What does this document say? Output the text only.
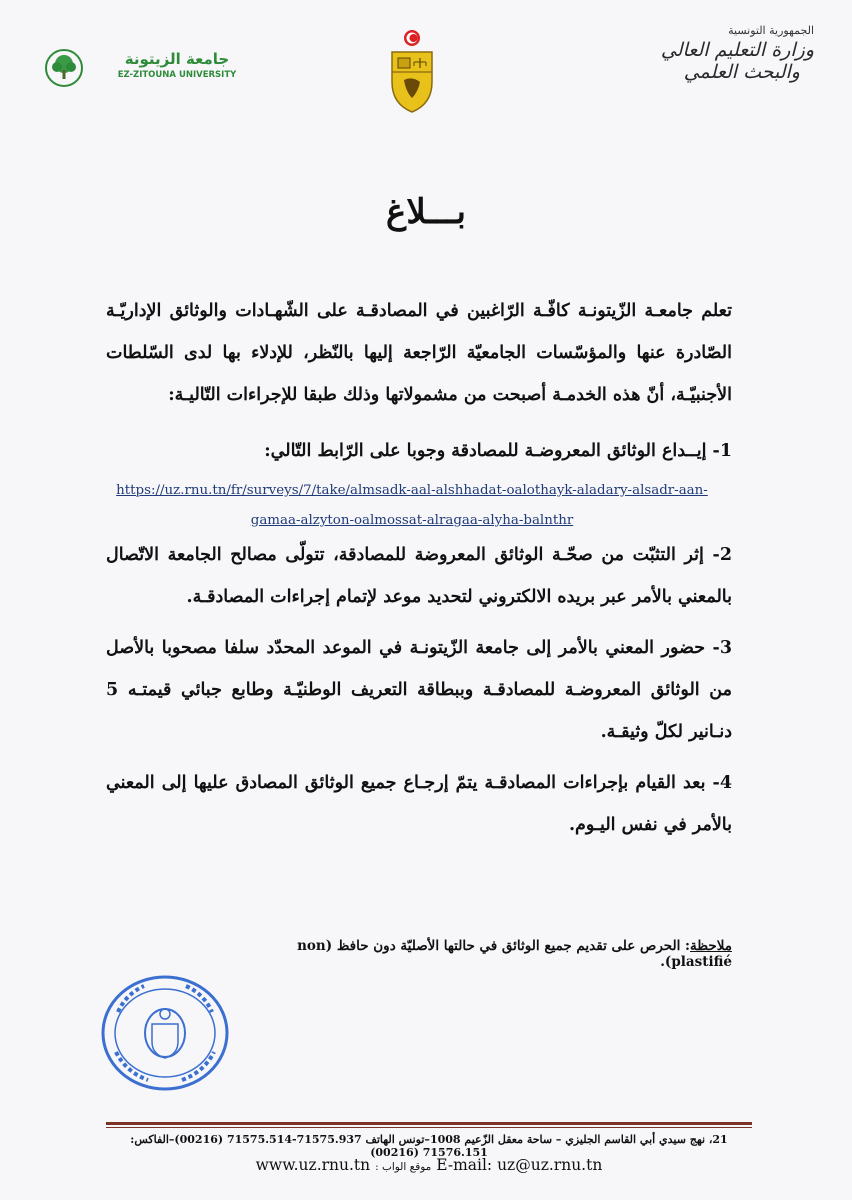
جامعة الزيتونة
EZ-ZITOUNA UNIVERSITY
الجمهورية التونسية
وزارة التعليم العالي
والبحث العلمي
بـــلاغ
تعلم جامعـة الزّيتونـة كافّـة الرّاغبين في المصادقـة على الشّهـادات والوثائق الإداريّـة الصّادرة عنها والمؤسّسات الجامعيّة الرّاجعة إليها بالنّظر، للإدلاء بها لدى السّلطات الأجنبيّـة، أنّ هذه الخدمـة أصبحت من مشمولاتها وذلك طبقا للإجراءات التّاليـة:
1- إيــداع الوثائق المعروضـة للمصادقة وجوبا على الرّابط التّالي:
https://uz.rnu.tn/fr/surveys/7/take/almsadk-aal-alshhadat-oalothayk-aladary-alsadr-aan-
gamaa-alzyton-oalmossat-alragaa-alyha-balnthr
2- إثر التثبّت من صحّـة الوثائق المعروضة للمصادقة، تتولّى مصالح الجامعة الاتّصال بالمعني بالأمر عبر بريده الالكتروني لتحديد موعد لإتمام إجراءات المصادقـة.
3- حضور المعني بالأمر إلى جامعة الزّيتونـة في الموعد المحدّد سلفا مصحوبا بالأصل من الوثائق المعروضـة للمصادقـة وببطاقة التعريف الوطنيّـة وطابع جبائي قيمتـه 5 دنـانير لكلّ وثيقـة.
4- بعد القيام بإجراءات المصادقـة يتمّ إرجـاع جميع الوثائق المصادق عليها إلى المعني بالأمر في نفس اليـوم.
ملاحظة: الحرص على تقديم جميع الوثائق في حالتها الأصليّة دون حافظ (non plastifié).
21، نهج سيدي أبي القاسم الجليزي – ساحة معقل الزّعيم 1008–تونس الهاتف 71575.937-71575.514 (00216)–الفاكس: 71576.151 (00216)
www.uz.rnu.tn موقع الواب : E-mail: uz@uz.rnu.tn
